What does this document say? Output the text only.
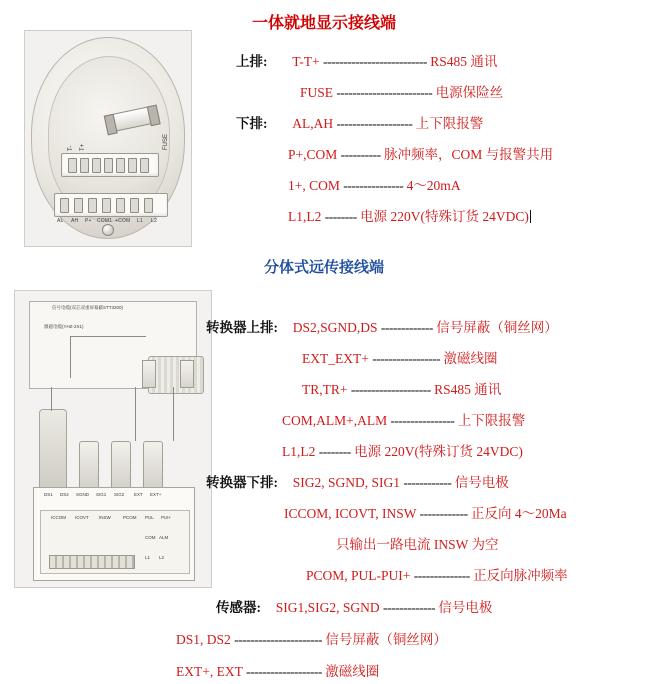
一体就地显示接线端
分体式远传接线端
FUSE
T- T+
AL AH P+ COM1 +COM L1 L2
上排: T-T+ -------------------------- RS485 通讯
FUSE ------------------------ 电源保险丝
下排: AL,AH ------------------- 上下限报警
P+,COM ---------- 脉冲频率，COM 与报警共用
1+, COM --------------- 4～20mA
L1,L2 -------- 电源 220V(特殊订货 24VDC)
信号电缆(双芯双重屏幕蔽STT3200)
激磁电缆(YHZ-2X1)
DS1 DS2 SGND SIG1 SIG2 EXT EXT+
ICCOM ICOVT INSW	PCOM PUL PUI+
COM ALM
L1 L2
转换器上排: DS2,SGND,DS ------------- 信号屏蔽（铜丝网）
EXT_EXT+ ----------------- 激磁线圈
TR,TR+ -------------------- RS485 通讯
COM,ALM+,ALM ---------------- 上下限报警
L1,L2 -------- 电源 220V(特殊订货 24VDC)
转换器下排: SIG2, SGND, SIG1 ------------ 信号电极
ICCOM, ICOVT, INSW ------------ 正反向 4～20Ma
只输出一路电流 INSW 为空
PCOM, PUL-PUI+ -------------- 正反向脉冲频率
传感器: SIG1,SIG2, SGND ------------- 信号电极
DS1, DS2 ---------------------- 信号屏蔽（铜丝网）
EXT+, EXT ------------------- 激磁线圈
